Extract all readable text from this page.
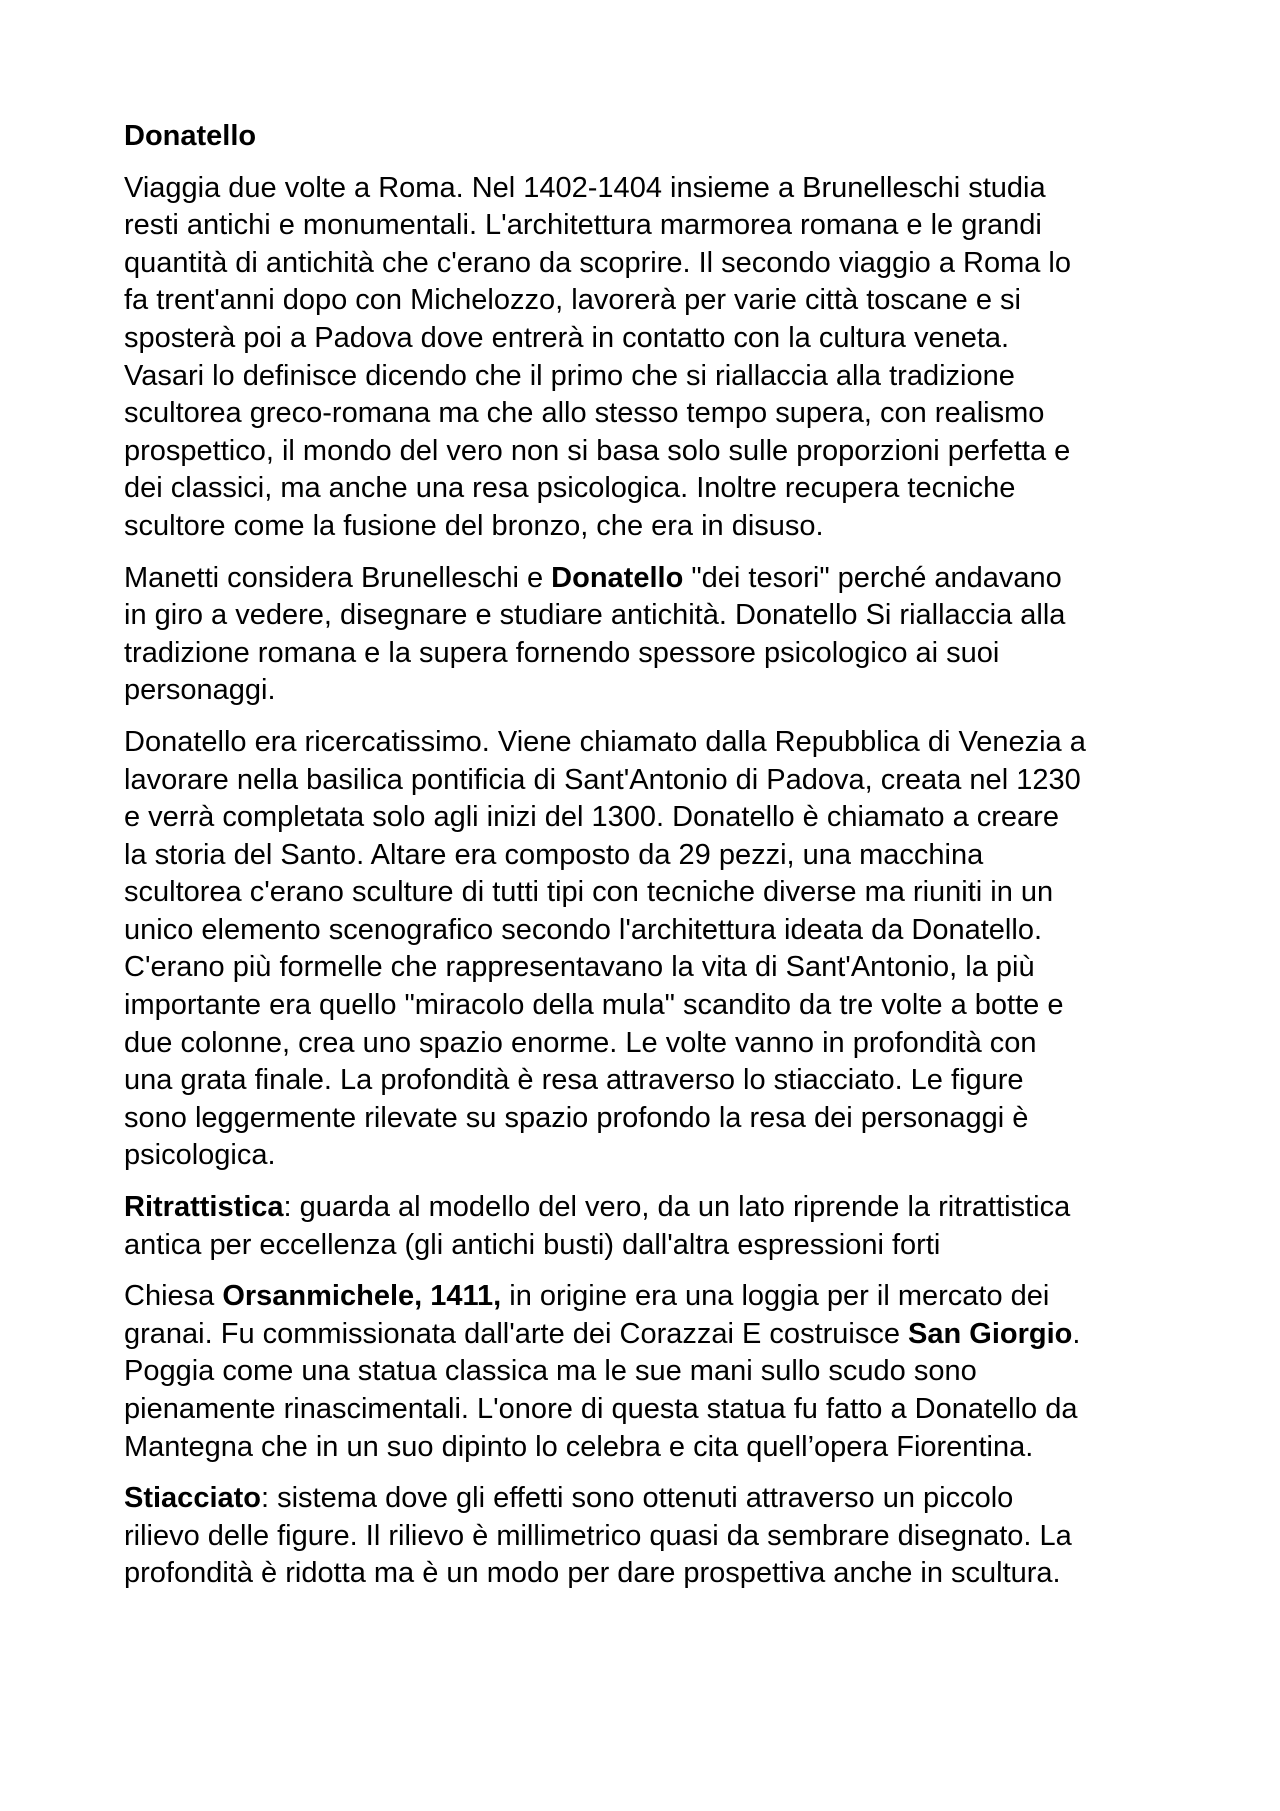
Donatello
Viaggia due volte a Roma. Nel 1402-1404 insieme a Brunelleschi studia
resti antichi e monumentali. L'architettura marmorea romana e le grandi
quantità di antichità che c'erano da scoprire. Il secondo viaggio a Roma lo
fa trent'anni dopo con Michelozzo, lavorerà per varie città toscane e si
sposterà poi a Padova dove entrerà in contatto con la cultura veneta.
Vasari lo definisce dicendo che il primo che si riallaccia alla tradizione
scultorea greco-romana ma che allo stesso tempo supera, con realismo
prospettico, il mondo del vero non si basa solo sulle proporzioni perfetta e
dei classici, ma anche una resa psicologica. Inoltre recupera tecniche
scultore come la fusione del bronzo, che era in disuso.
Manetti considera Brunelleschi e Donatello "dei tesori" perché andavano
in giro a vedere, disegnare e studiare antichità. Donatello Si riallaccia alla
tradizione romana e la supera fornendo spessore psicologico ai suoi
personaggi.
Donatello era ricercatissimo. Viene chiamato dalla Repubblica di Venezia a
lavorare nella basilica pontificia di Sant'Antonio di Padova, creata nel 1230
e verrà completata solo agli inizi del 1300. Donatello è chiamato a creare
la storia del Santo. Altare era composto da 29 pezzi, una macchina
scultorea c'erano sculture di tutti tipi con tecniche diverse ma riuniti in un
unico elemento scenografico secondo l'architettura ideata da Donatello.
C'erano più formelle che rappresentavano la vita di Sant'Antonio, la più
importante era quello "miracolo della mula" scandito da tre volte a botte e
due colonne, crea uno spazio enorme. Le volte vanno in profondità con
una grata finale. La profondità è resa attraverso lo stiacciato. Le figure
sono leggermente rilevate su spazio profondo la resa dei personaggi è
psicologica.
Ritrattistica: guarda al modello del vero, da un lato riprende la ritrattistica
antica per eccellenza (gli antichi busti) dall'altra espressioni forti
Chiesa Orsanmichele, 1411, in origine era una loggia per il mercato dei
granai. Fu commissionata dall'arte dei Corazzai E costruisce San Giorgio.
Poggia come una statua classica ma le sue mani sullo scudo sono
pienamente rinascimentali. L'onore di questa statua fu fatto a Donatello da
Mantegna che in un suo dipinto lo celebra e cita quell’opera Fiorentina.
Stiacciato: sistema dove gli effetti sono ottenuti attraverso un piccolo
rilievo delle figure. Il rilievo è millimetrico quasi da sembrare disegnato. La
profondità è ridotta ma è un modo per dare prospettiva anche in scultura.
